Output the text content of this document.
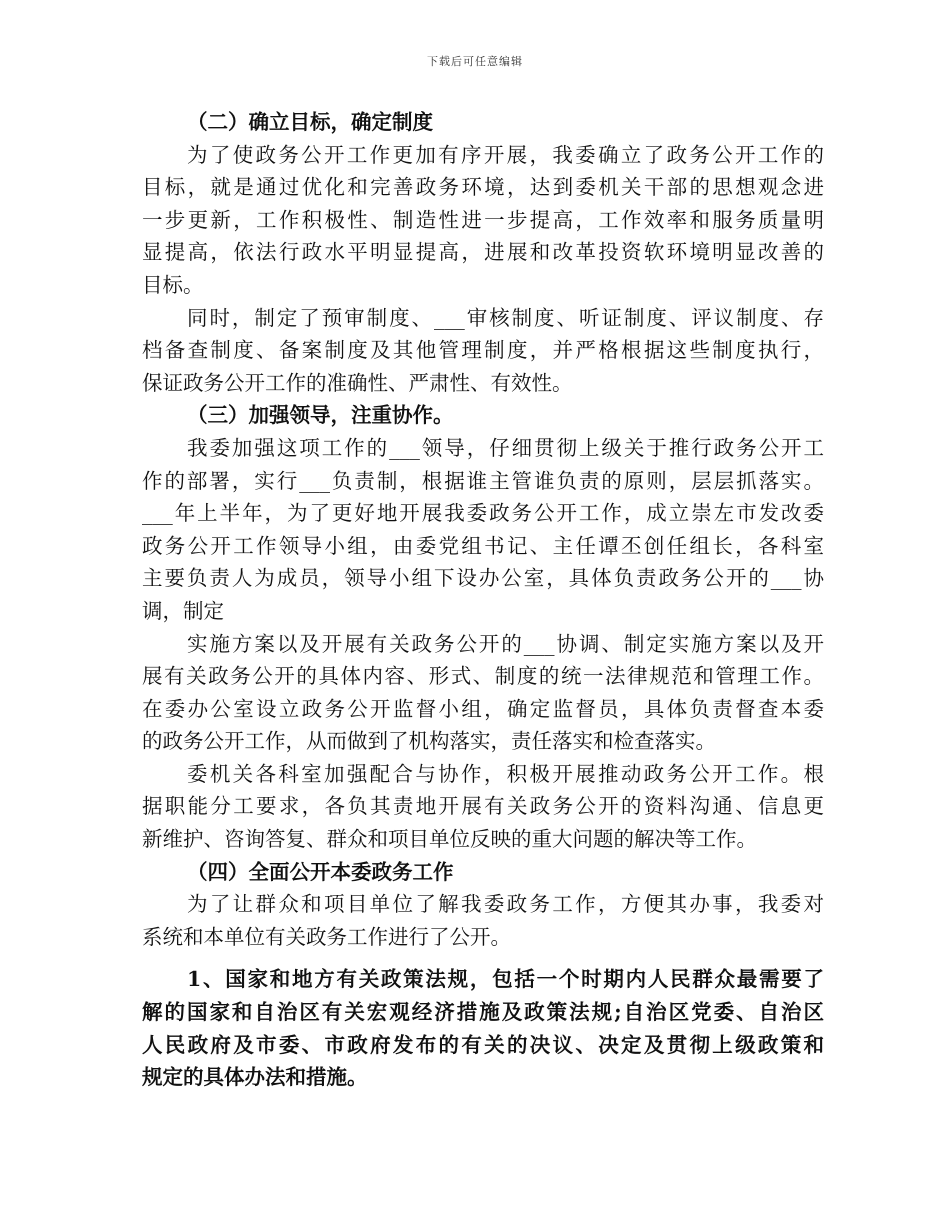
下载后可任意编辑
（二）确立目标，确定制度
为了使政务公开工作更加有序开展，我委确立了政务公开工作的
目标，就是通过优化和完善政务环境，达到委机关干部的思想观念进
一步更新，工作积极性、制造性进一步提高，工作效率和服务质量明
显提高，依法行政水平明显提高，进展和改革投资软环境明显改善的
目标。
同时，制定了预审制度、___审核制度、听证制度、评议制度、存
档备查制度、备案制度及其他管理制度，并严格根据这些制度执行，
保证政务公开工作的准确性、严肃性、有效性。
（三）加强领导，注重协作。
我委加强这项工作的___领导，仔细贯彻上级关于推行政务公开工
作的部署，实行___负责制，根据谁主管谁负责的原则，层层抓落实。
___年上半年，为了更好地开展我委政务公开工作，成立崇左市发改委
政务公开工作领导小组，由委党组书记、主任谭丕创任组长，各科室
主要负责人为成员，领导小组下设办公室，具体负责政务公开的___协
调，制定
实施方案以及开展有关政务公开的___协调、制定实施方案以及开
展有关政务公开的具体内容、形式、制度的统一法律规范和管理工作。
在委办公室设立政务公开监督小组，确定监督员，具体负责督查本委
的政务公开工作，从而做到了机构落实，责任落实和检查落实。
委机关各科室加强配合与协作，积极开展推动政务公开工作。根
据职能分工要求，各负其责地开展有关政务公开的资料沟通、信息更
新维护、咨询答复、群众和项目单位反映的重大问题的解决等工作。
（四）全面公开本委政务工作
为了让群众和项目单位了解我委政务工作，方便其办事，我委对
系统和本单位有关政务工作进行了公开。
1、国家和地方有关政策法规，包括一个时期内人民群众最需要了
解的国家和自治区有关宏观经济措施及政策法规;自治区党委、自治区
人民政府及市委、市政府发布的有关的决议、决定及贯彻上级政策和
规定的具体办法和措施。
